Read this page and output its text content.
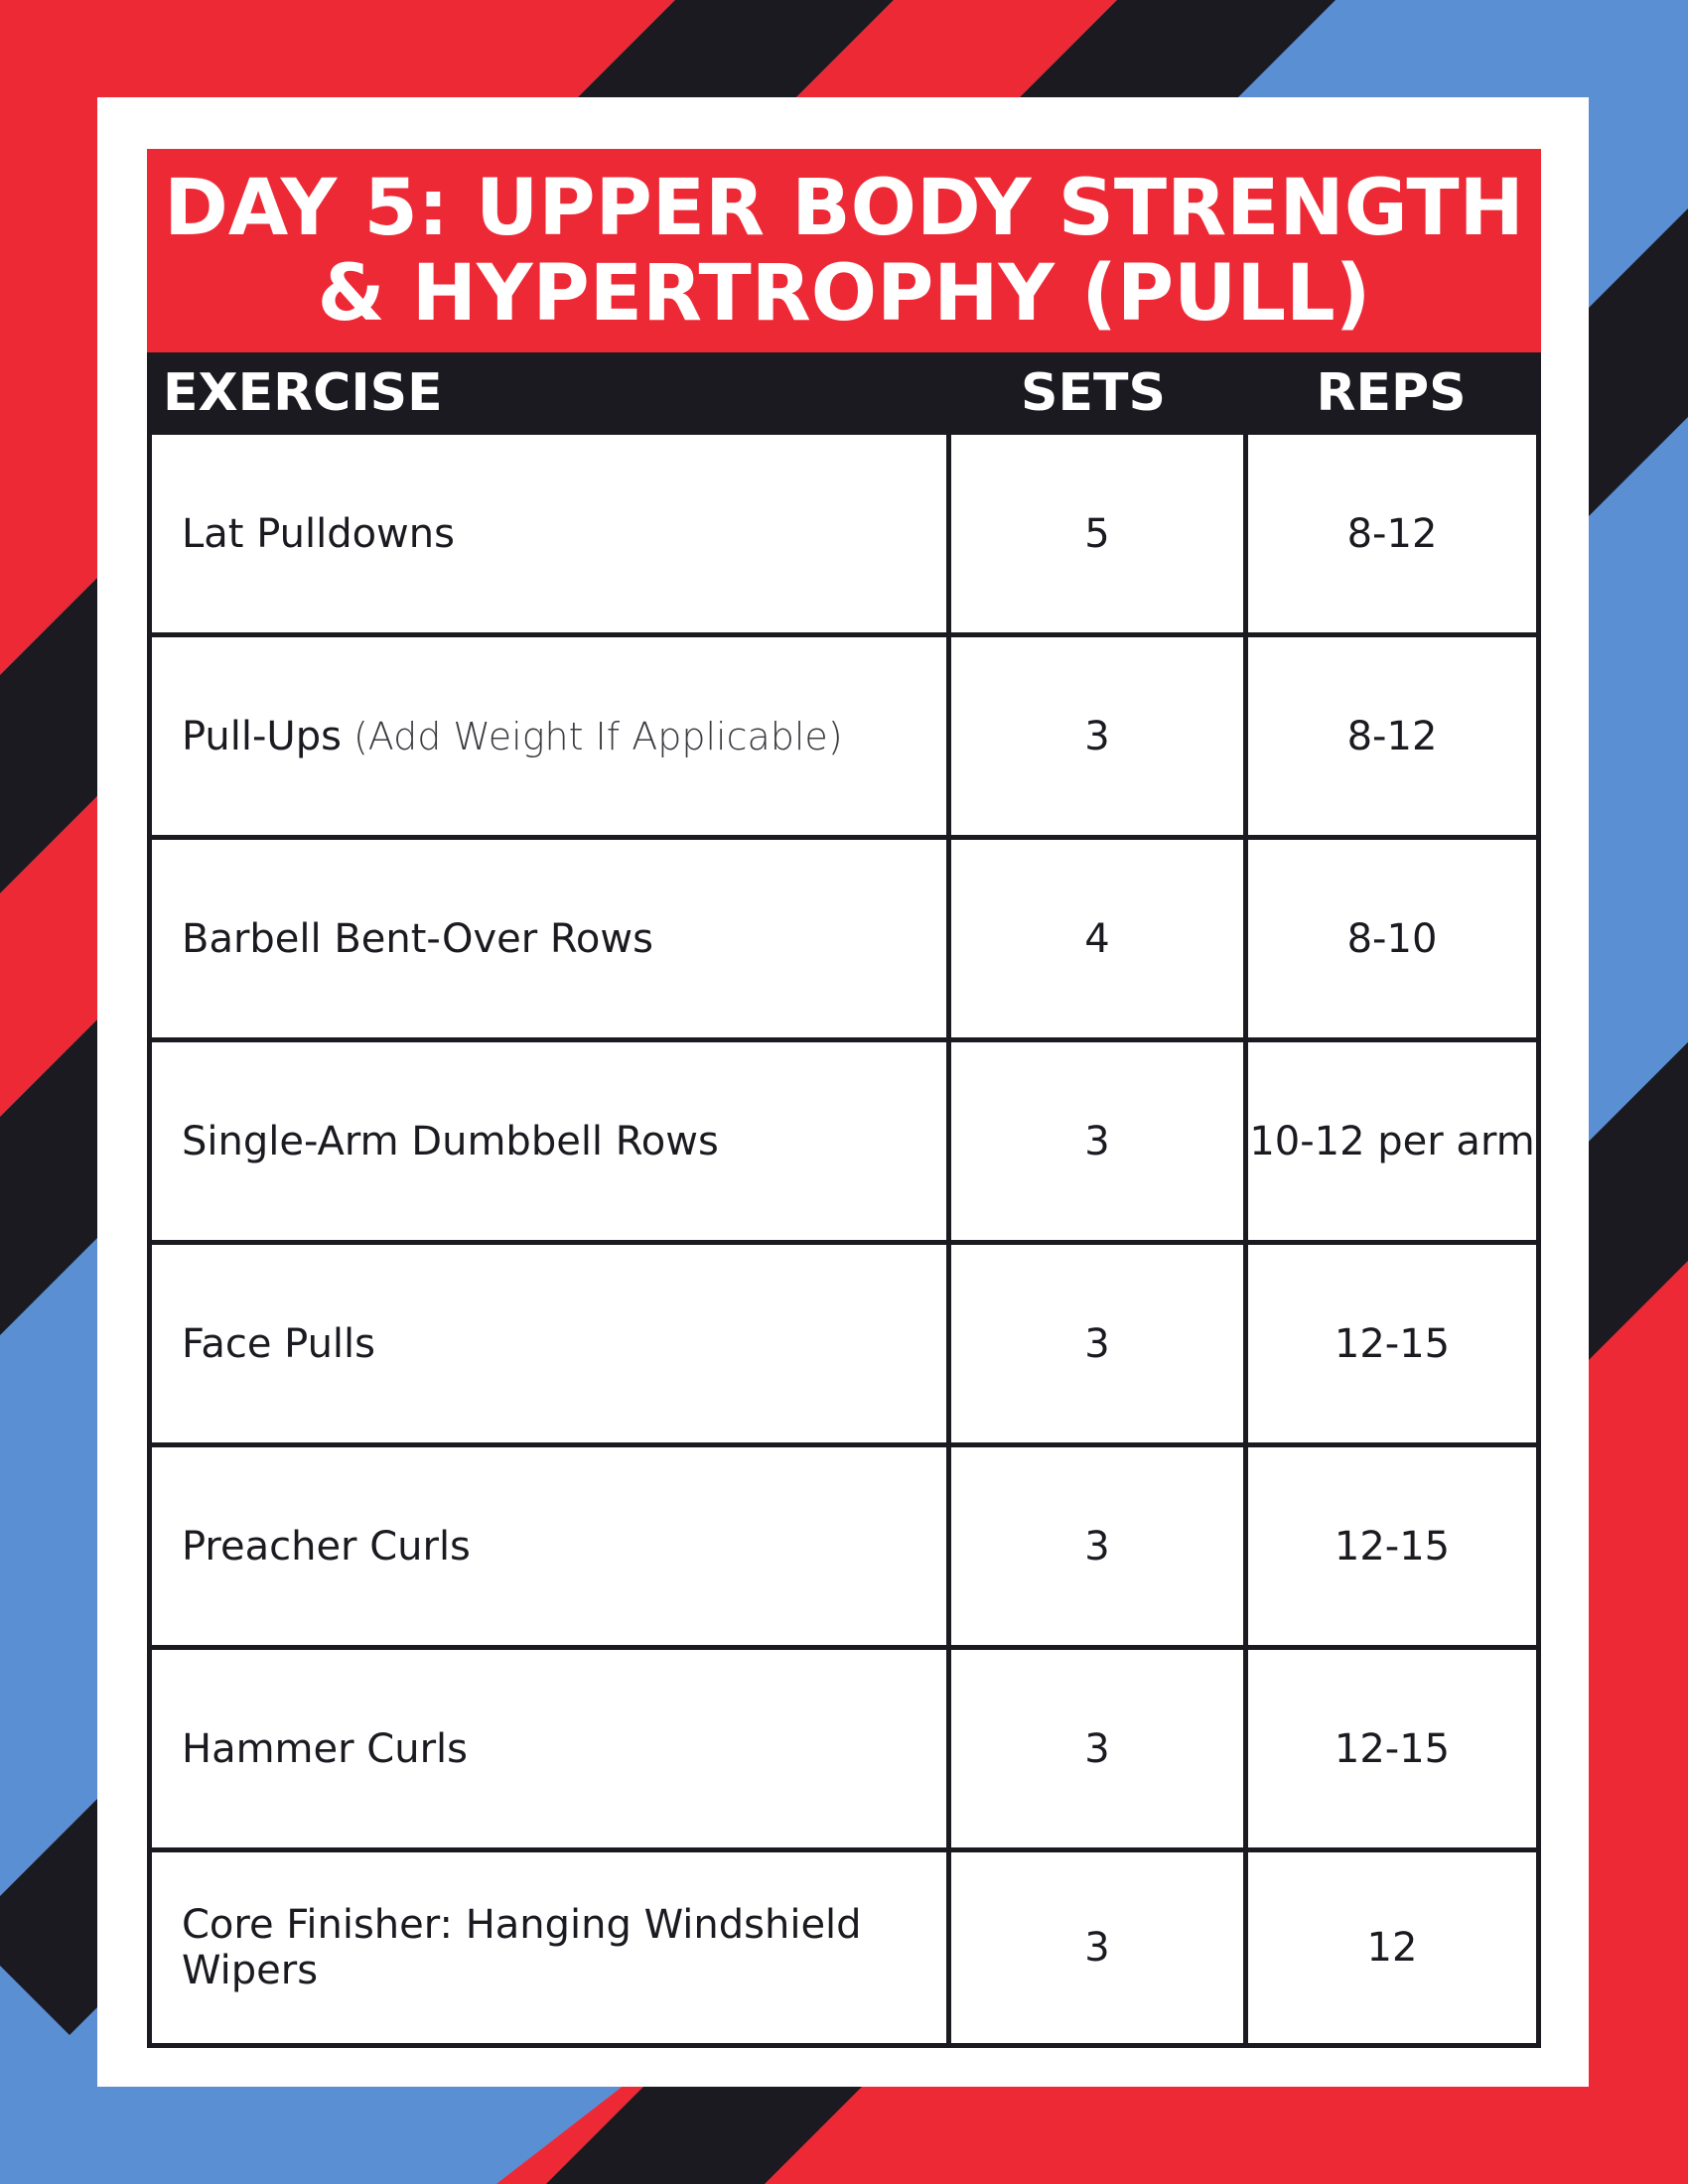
DAY 5: UPPER BODY STRENGTH
& HYPERTROPHY (PULL)
EXERCISE	SETS	REPS
Lat Pulldowns	5	8-12
Pull-Ups (Add Weight If Applicable)	3	8-12
Barbell Bent-Over Rows	4	8-10
Single-Arm Dumbbell Rows	3	10-12 per arm
Face Pulls	3	12-15
Preacher Curls	3	12-15
Hammer Curls	3	12-15
Core Finisher: Hanging Windshield Wipers	3	12
